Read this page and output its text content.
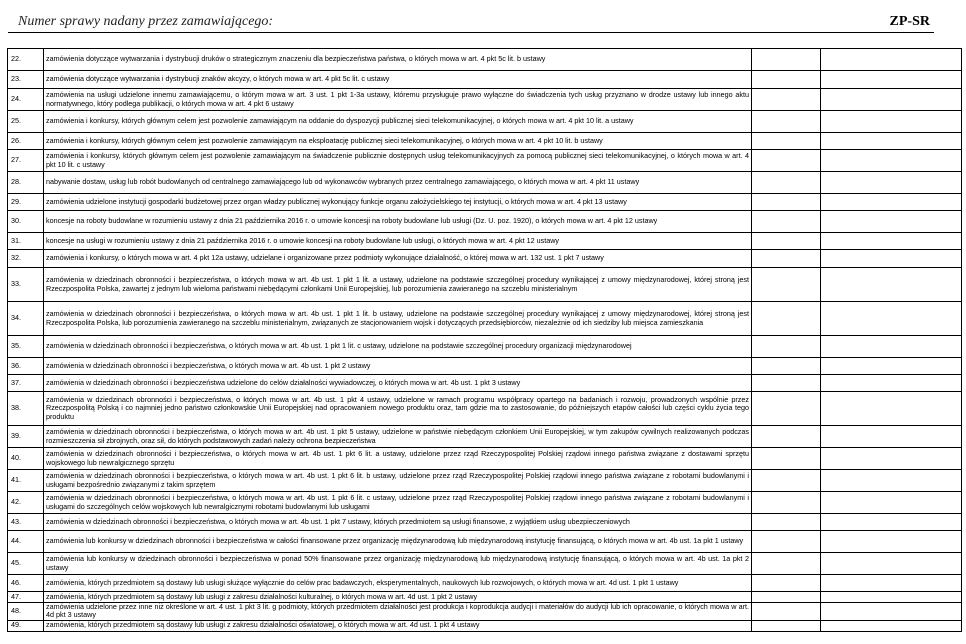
Numer sprawy nadany przez zamawiającego:	ZP-SR
22.	zamówienia dotyczące wytwarzania i dystrybucji druków o strategicznym znaczeniu dla bezpieczeństwa państwa, o których mowa w art. 4 pkt 5c lit. b ustawy		
23.	zamówienia dotyczące wytwarzania i dystrybucji znaków akcyzy, o których mowa w art. 4 pkt 5c lit. c ustawy		
24.	zamówienia na usługi udzielone innemu zamawiającemu, o którym mowa w art. 3 ust. 1 pkt 1-3a ustawy, któremu przysługuje prawo wyłączne do świadczenia tych usług przyznano w drodze ustawy lub innego aktu normatywnego, który podlega publikacji, o których mowa w art. 4 pkt 6 ustawy		
25.	zamówienia i konkursy, których głównym celem jest pozwolenie zamawiającym na oddanie do dyspozycji publicznej sieci telekomunikacyjnej, o których mowa w art. 4 pkt 10 lit. a ustawy		
26.	zamówienia i konkursy, których głównym celem jest pozwolenie zamawiającym na eksploatację publicznej sieci telekomunikacyjnej, o których mowa w art. 4 pkt 10 lit. b ustawy		
27.	zamówienia i konkursy, których głównym celem jest pozwolenie zamawiającym na świadczenie publicznie dostępnych usług telekomunikacyjnych za pomocą publicznej sieci telekomunikacyjnej, o których mowa w art. 4 pkt 10 lit. c ustawy		
28.	nabywanie dostaw, usług lub robót budowlanych od centralnego zamawiającego lub od wykonawców wybranych przez centralnego zamawiającego, o których mowa w art. 4 pkt 11 ustawy		
29.	zamówienia udzielone instytucji gospodarki budżetowej przez organ władzy publicznej wykonujący funkcje organu założycielskiego tej instytucji, o których mowa w art. 4 pkt 13 ustawy		
30.	koncesje na roboty budowlane w rozumieniu ustawy z dnia 21 października 2016 r. o umowie koncesji na roboty budowlane lub usługi (Dz. U. poz. 1920), o których mowa w art. 4 pkt 12 ustawy		
31.	koncesje na usługi w rozumieniu ustawy z dnia 21 października 2016 r. o umowie koncesji na roboty budowlane lub usługi, o których mowa w art. 4 pkt 12 ustawy		
32.	zamówienia i konkursy, o których mowa w art. 4 pkt 12a ustawy, udzielane i organizowane przez podmioty wykonujące działalność, o której mowa w art. 132 ust. 1 pkt 7 ustawy		
33.	zamówienia w dziedzinach obronności i bezpieczeństwa, o których mowa w art. 4b ust. 1 pkt 1 lit. a ustawy, udzielone na podstawie szczególnej procedury wynikającej z umowy międzynarodowej, której stroną jest Rzeczpospolita Polska, zawartej z jednym lub wieloma państwami niebędącymi członkami Unii Europejskiej, lub porozumienia zawieranego na szczeblu ministerialnym		
34.	zamówienia w dziedzinach obronności i bezpieczeństwa, o których mowa w art. 4b ust. 1 pkt 1 lit. b ustawy, udzielone na podstawie szczególnej procedury wynikającej z umowy międzynarodowej, której stroną jest Rzeczpospolita Polska, lub porozumienia zawieranego na szczeblu ministerialnym, związanych ze stacjonowaniem wojsk i dotyczących przedsiębiorców, niezależnie od ich siedziby lub miejsca zamieszkania		
35.	zamówienia w dziedzinach obronności i bezpieczeństwa, o których mowa w art. 4b ust. 1 pkt 1 lit. c ustawy, udzielone na podstawie szczególnej procedury organizacji międzynarodowej		
36.	zamówienia w dziedzinach obronności i bezpieczeństwa, o których mowa w art. 4b ust. 1 pkt 2 ustawy		
37.	zamówienia w dziedzinach obronności i bezpieczeństwa udzielone do celów działalności wywiadowczej, o których mowa w art. 4b ust. 1 pkt 3 ustawy		
38.	zamówienia w dziedzinach obronności i bezpieczeństwa, o których mowa w art. 4b ust. 1 pkt 4 ustawy, udzielone w ramach programu współpracy opartego na badaniach i rozwoju, prowadzonych wspólnie przez Rzeczpospolitą Polską i co najmniej jedno państwo członkowskie Unii Europejskiej nad opracowaniem nowego produktu oraz, tam gdzie ma to zastosowanie, do późniejszych etapów całości lub części cyklu życia tego produktu		
39.	zamówienia w dziedzinach obronności i bezpieczeństwa, o których mowa w art. 4b ust. 1 pkt 5 ustawy, udzielone w państwie niebędącym członkiem Unii Europejskiej, w tym zakupów cywilnych realizowanych podczas rozmieszczenia sił zbrojnych, oraz sił, do których podstawowych zadań należy ochrona bezpieczeństwa		
40.	zamówienia w dziedzinach obronności i bezpieczeństwa, o których mowa w art. 4b ust. 1 pkt 6 lit. a ustawy, udzielone przez rząd Rzeczypospolitej Polskiej rządowi innego państwa związane z dostawami sprzętu wojskowego lub newralgicznego sprzętu		
41.	zamówienia w dziedzinach obronności i bezpieczeństwa, o których mowa w art. 4b ust. 1 pkt 6 lit. b ustawy, udzielone przez rząd Rzeczypospolitej Polskiej rządowi innego państwa związane z robotami budowlanymi i usługami bezpośrednio związanymi z takim sprzętem		
42.	zamówienia w dziedzinach obronności i bezpieczeństwa, o których mowa w art. 4b ust. 1 pkt 6 lit. c ustawy, udzielone przez rząd Rzeczypospolitej Polskiej rządowi innego państwa związane z robotami budowlanymi i usługami do szczególnych celów wojskowych lub newralgicznymi robotami budowlanymi lub usługami		
43.	zamówienia w dziedzinach obronności i bezpieczeństwa, o których mowa w art. 4b ust. 1 pkt 7 ustawy, których przedmiotem są usługi finansowe, z wyjątkiem usług ubezpieczeniowych		
44.	zamówienia lub konkursy w dziedzinach obronności i bezpieczeństwa w całości finansowane przez organizację międzynarodową lub międzynarodową instytucję finansującą, o których mowa w art. 4b ust. 1a pkt 1 ustawy		
45.	zamówienia lub konkursy w dziedzinach obronności i bezpieczeństwa w ponad 50% finansowane przez organizację międzynarodową lub międzynarodową instytucję finansującą, o których mowa w art. 4b ust. 1a pkt 2 ustawy		
46.	zamówienia, których przedmiotem są dostawy lub usługi służące wyłącznie do celów prac badawczych, eksperymentalnych, naukowych lub rozwojowych, o których mowa w art. 4d ust. 1 pkt 1 ustawy		
47.	zamówienia, których przedmiotem są dostawy lub usługi z zakresu działalności kulturalnej, o których mowa w art. 4d ust. 1 pkt 2 ustawy		
48.	zamówienia udzielone przez inne niż określone w art. 4 ust. 1 pkt 3 lit. g podmioty, których przedmiotem działalności jest produkcja i koprodukcja audycji i materiałów do audycji lub ich opracowanie, o których mowa w art. 4d pkt 3 ustawy		
49.	zamówienia, których przedmiotem są dostawy lub usługi z zakresu działalności oświatowej, o których mowa w art. 4d ust. 1 pkt 4 ustawy		
